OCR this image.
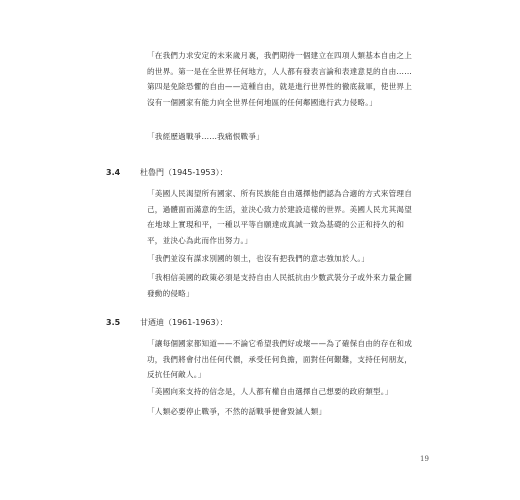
「在我們力求安定的未來歲月裏，我們期待一個建立在四項人類基本自由之上的世界。第一是在全世界任何地方，人人都有發表言論和表達意見的自由……第四是免除恐懼的自由——這種自由，就是進行世界性的徹底裁軍，使世界上沒有一個國家有能力向全世界任何地區的任何鄰國進行武力侵略。」

「我經歷過戰爭……我痛恨戰爭」

3.4 杜魯門（1945-1953）：

「美國人民渴望所有國家、所有民族能自由選擇他們認為合適的方式來管理自己，過體面而滿意的生活，並決心致力於建設這樣的世界。美國人民尤其渴望在地球上實現和平，一種以平等自願達成真誠一致為基礎的公正和持久的和平，並決心為此而作出努力。」

「我們並沒有謀求別國的領土，也沒有把我們的意志強加於人。」

「我相信美國的政策必須是支持自由人民抵抗由少數武裝分子或外來力量企圖發動的侵略」

3.5 甘迺迪（1961-1963）：

「讓每個國家都知道——不論它希望我們好或壞——為了確保自由的存在和成功，我們將會付出任何代價，承受任何負擔，面對任何艱難，支持任何朋友，反抗任何敵人。」

「美國向來支持的信念是，人人都有權自由選擇自己想要的政府類型。」

「人類必要停止戰爭，不然的話戰爭便會毀滅人類」

19
